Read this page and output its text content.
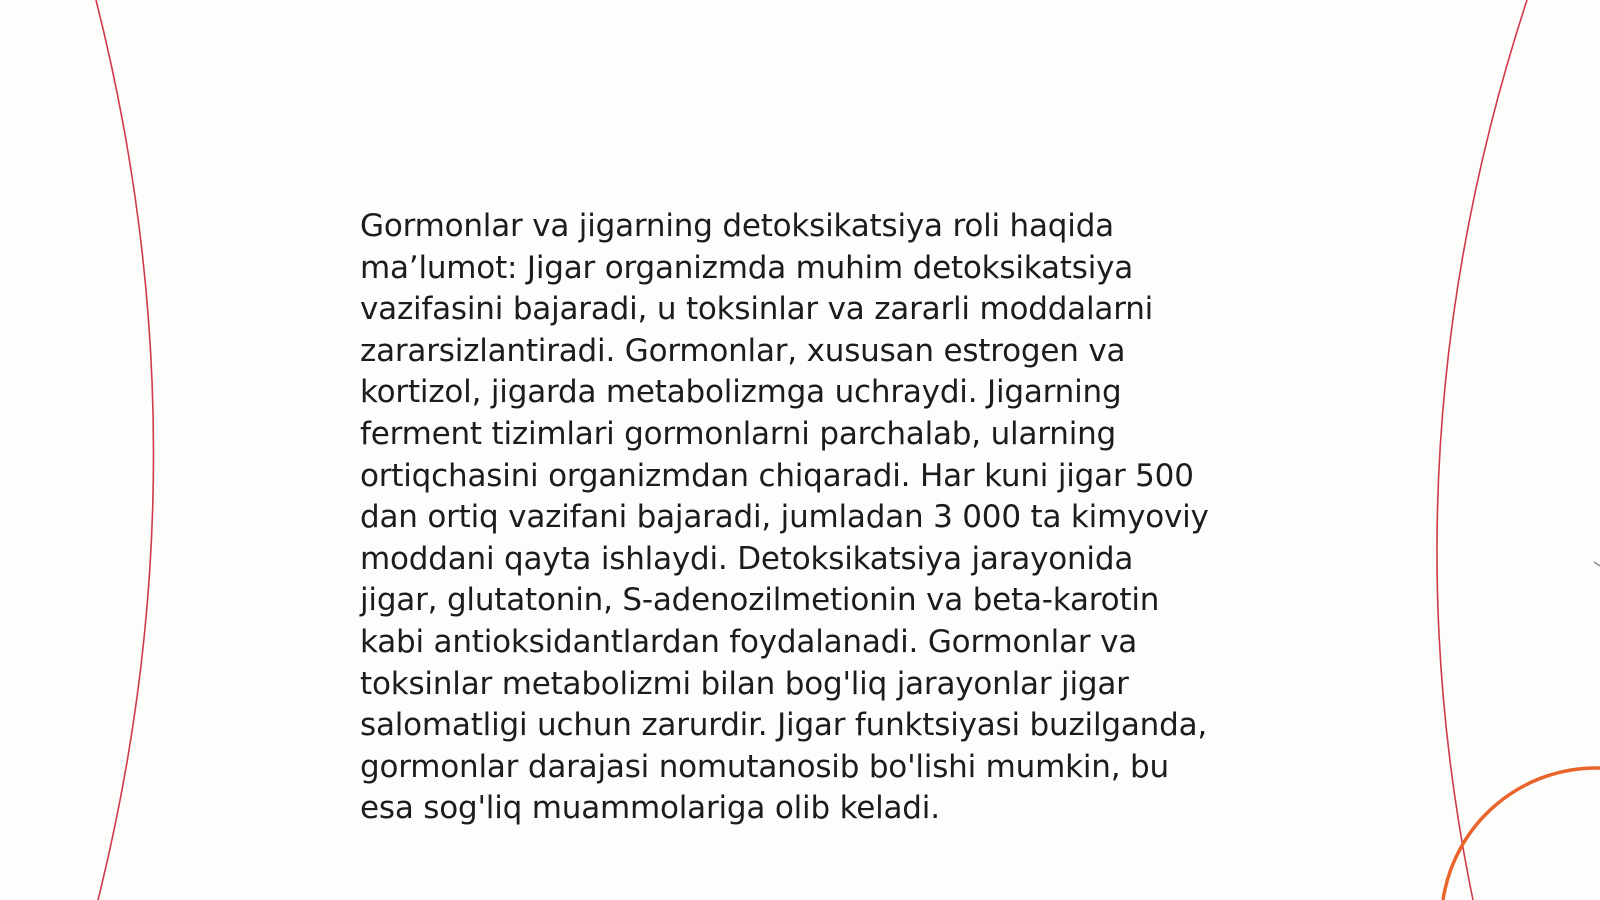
Gormonlar va jigarning detoksikatsiya roli haqida ma’lumot: Jigar organizmda muhim detoksikatsiya vazifasini bajaradi, u toksinlar va zararli moddalarni zararsizlantiradi. Gormonlar, xususan estrogen va kortizol, jigarda metabolizmga uchraydi. Jigarning ferment tizimlari gormonlarni parchalab, ularning ortiqchasini organizmdan chiqaradi. Har kuni jigar 500 dan ortiq vazifani bajaradi, jumladan 3 000 ta kimyoviy moddani qayta ishlaydi. Detoksikatsiya jarayonida jigar, glutatonin, S-adenozilmetionin va beta-karotin kabi antioksidantlardan foydalanadi. Gormonlar va toksinlar metabolizmi bilan bog'liq jarayonlar jigar salomatligi uchun zarurdir. Jigar funktsiyasi buzilganda, gormonlar darajasi nomutanosib bo'lishi mumkin, bu esa sog'liq muammolariga olib keladi.
